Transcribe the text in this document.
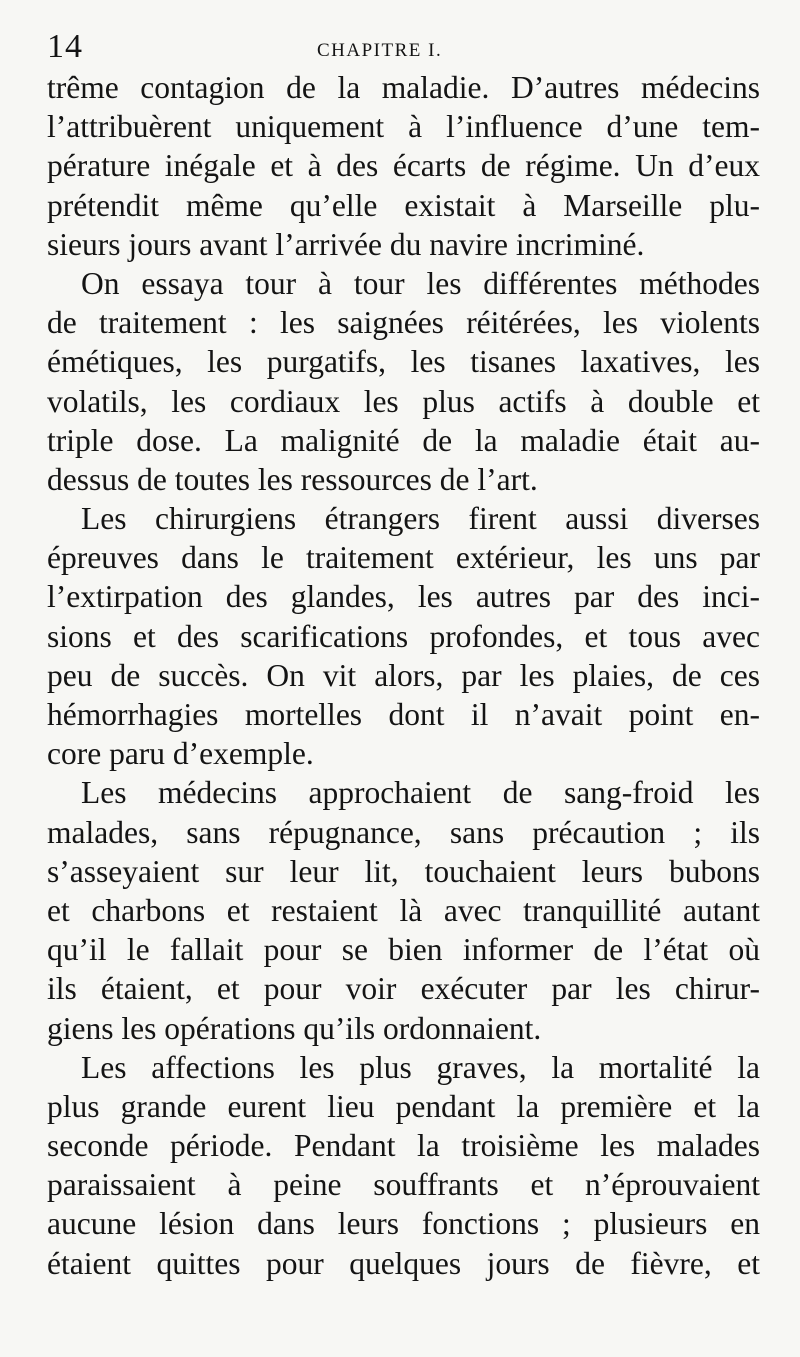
14	CHAPITRE I.
trême contagion de la maladie. D’autres médecins
l’attribuèrent uniquement à l’influence d’une tem-
pérature inégale et à des écarts de régime. Un d’eux
prétendit même qu’elle existait à Marseille plu-
sieurs jours avant l’arrivée du navire incriminé.
On essaya tour à tour les différentes méthodes
de traitement : les saignées réitérées, les violents
émétiques, les purgatifs, les tisanes laxatives, les
volatils, les cordiaux les plus actifs à double et
triple dose. La malignité de la maladie était au-
dessus de toutes les ressources de l’art.
Les chirurgiens étrangers firent aussi diverses
épreuves dans le traitement extérieur, les uns par
l’extirpation des glandes, les autres par des inci-
sions et des scarifications profondes, et tous avec
peu de succès. On vit alors, par les plaies, de ces
hémorrhagies mortelles dont il n’avait point en-
core paru d’exemple.
Les médecins approchaient de sang-froid les
malades, sans répugnance, sans précaution ; ils
s’asseyaient sur leur lit, touchaient leurs bubons
et charbons et restaient là avec tranquillité autant
qu’il le fallait pour se bien informer de l’état où
ils étaient, et pour voir exécuter par les chirur-
giens les opérations qu’ils ordonnaient.
Les affections les plus graves, la mortalité la
plus grande eurent lieu pendant la première et la
seconde période. Pendant la troisième les malades
paraissaient à peine souffrants et n’éprouvaient
aucune lésion dans leurs fonctions ; plusieurs en
étaient quittes pour quelques jours de fièvre, et
